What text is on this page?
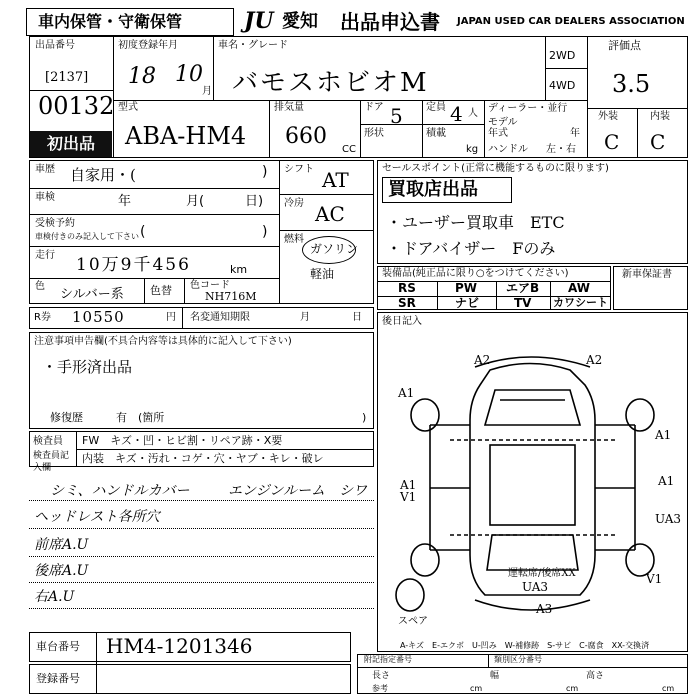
車内保管・守衛保管	JU 愛知 出品申込書 JAPAN USED CAR DEALERS ASSOCIATION
出品番号
[2137]
00132
初出品
初度登録年月
18 10
月
車名・グレード
バモスホビオM
2WD
4WD
評価点
3.5
外装	内装
C C
型式
ABA-HM4
排気量
660
CC
ドア 5 定員 4 人
形状	積載
kg
ディーラー・並行
モデル
年式	年
ハンドル 左・右
車歴 自家用・(	)
車検	年	月(	日)
受検予約
車検付きのみ記入して下さい (	)
走行 10万9千456	km
色
シルバー系 色替 色コード
NH716M
シフト AT
冷房 AC
燃料
ガソリン
軽油
セールスポイント(正常に機能するものに限ります)
買取店出品
・ユーザー買取車　ETC
・ドアバイザー　Fのみ
装備品(純正品に限り○をつけてください)
RS	PW エアB AW
SR	ナビ	TV カワシート
新車保証書
R券 10550	円 名変通知期限	月	日
注意事項申告欄(不具合内容等は具体的に記入して下さい)
・手形済出品
修復歴	有　(箇所	)
検査員
検査員記入欄
FW　キズ・凹・ヒビ割・リペア跡・X要
内装　キズ・汚れ・コゲ・穴・ヤブ・キレ・破レ
シミ、ハンドルカバー	エンジンルーム　シワ
ヘッドレスト各所穴
前席A.U
後席A.U
右A.U
後日記入
A2	A2
A1
A1	A1
V1
A1
UA3
V1
UA3
A3
運転席/後席XX
スペア
A-キズ　E-エクボ　U-凹み　W-補修跡　S-サビ　C-腐食　XX-交換済
車台番号 HM4-1201346
登録番号
附記指定番号	類別区分番号
長さ
参考	cm
幅
cm
高さ
cm
